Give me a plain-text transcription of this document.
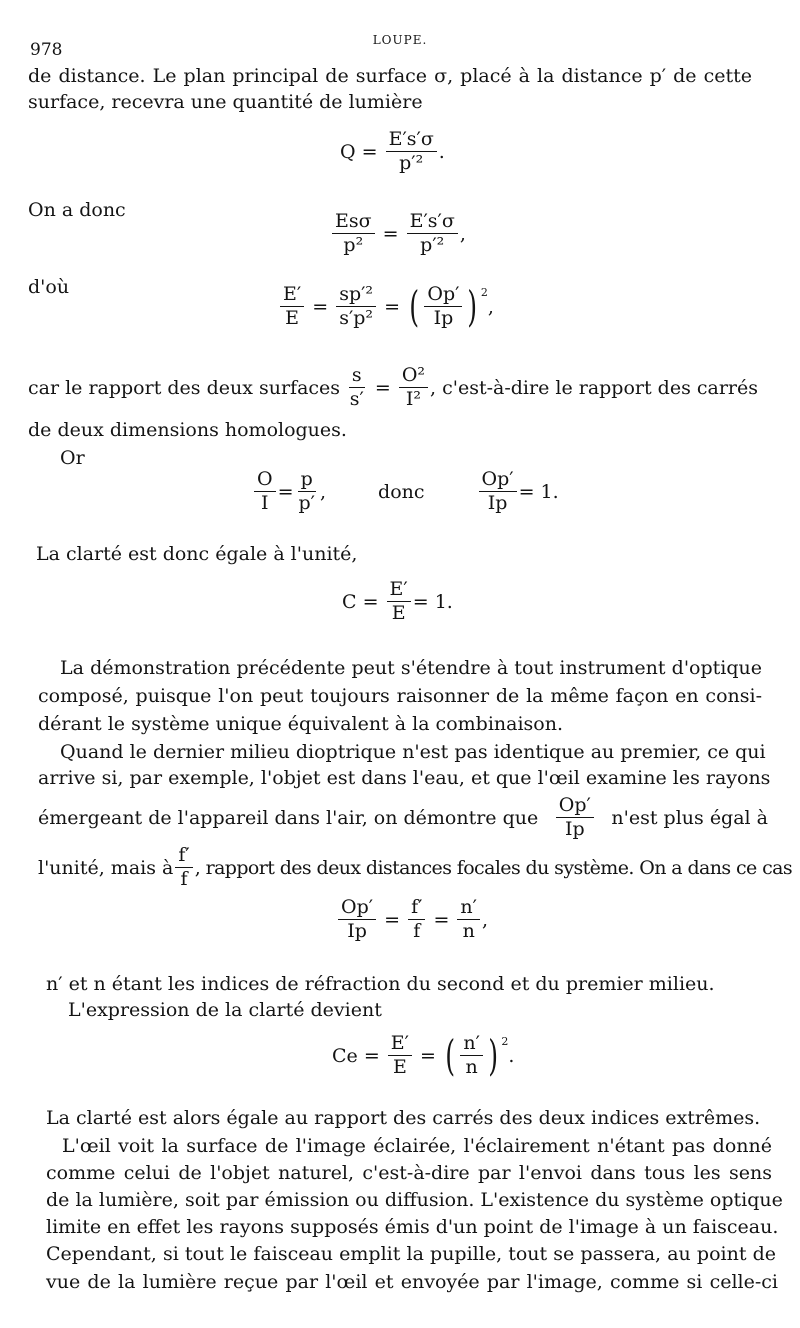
978	LOUPE.
de distance. Le plan principal de surface σ, placé à la distance p′ de cette
surface, recevra une quantité de lumière
$Q = \frac{E's'\sigma}{\text{p′²}}$ .
On a donc
$\frac{\text{Esσ}}{\text{p²}} = \frac{E's'\sigma}{\text{p′²}}$ ,
d'où	$\frac{E'}{E} = \frac{\text{sp′²}}{\text{s′p²}}$ = ( $\frac{Op'}{Ip}$ ) $^2$
,
car le rapport des deux surfaces $\frac{s}{s'} = \frac{\text{O²}}{\text{I²}}$ , c'est-à-dire le rapport des carrés
de deux dimensions homologues.
Or
$\frac{O}{I} = \frac{p}{p'}$ ,	donc	$\frac{Op'}{Ip} = 1$.
La clarté est donc égale à l'unité,
$C = \frac{E'}{E} = 1$.
La démonstration précédente peut s'étendre à tout instrument d'optique
composé, puisque l'on peut toujours raisonner de la même façon en consi-
dérant le système unique équivalent à la combinaison.
Quand le dernier milieu dioptrique n'est pas identique au premier, ce qui
arrive si, par exemple, l'objet est dans l'eau, et que l'œil examine les rayons
émergeant de l'appareil dans l'air, on démontre que $\frac{Op'}{Ip} n'est$ plus égal à
l'unité, mais à $\frac{f'}{f}$ , rapport des deux distances focales du système. On a dans ce cas
$\frac{Op'}{Ip} = \frac{f'}{f} = \frac{n'}{n}$ ,
n′ et n étant les indices de réfraction du second et du premier milieu.
L'expression de la clarté devient
$Ce = \frac{E'}{E}$ = ( $\frac{n'}{n}$ ) $^2$
.
La clarté est alors égale au rapport des carrés des deux indices extrêmes.
L'œil voit la surface de l'image éclairée, l'éclairement n'étant pas donné
comme celui de l'objet naturel, c'est-à-dire par l'envoi dans tous les sens
de la lumière, soit par émission ou diffusion. L'existence du système optique
limite en effet les rayons supposés émis d'un point de l'image à un faisceau.
Cependant, si tout le faisceau emplit la pupille, tout se passera, au point de
vue de la lumière reçue par l'œil et envoyée par l'image, comme si celle-ci
